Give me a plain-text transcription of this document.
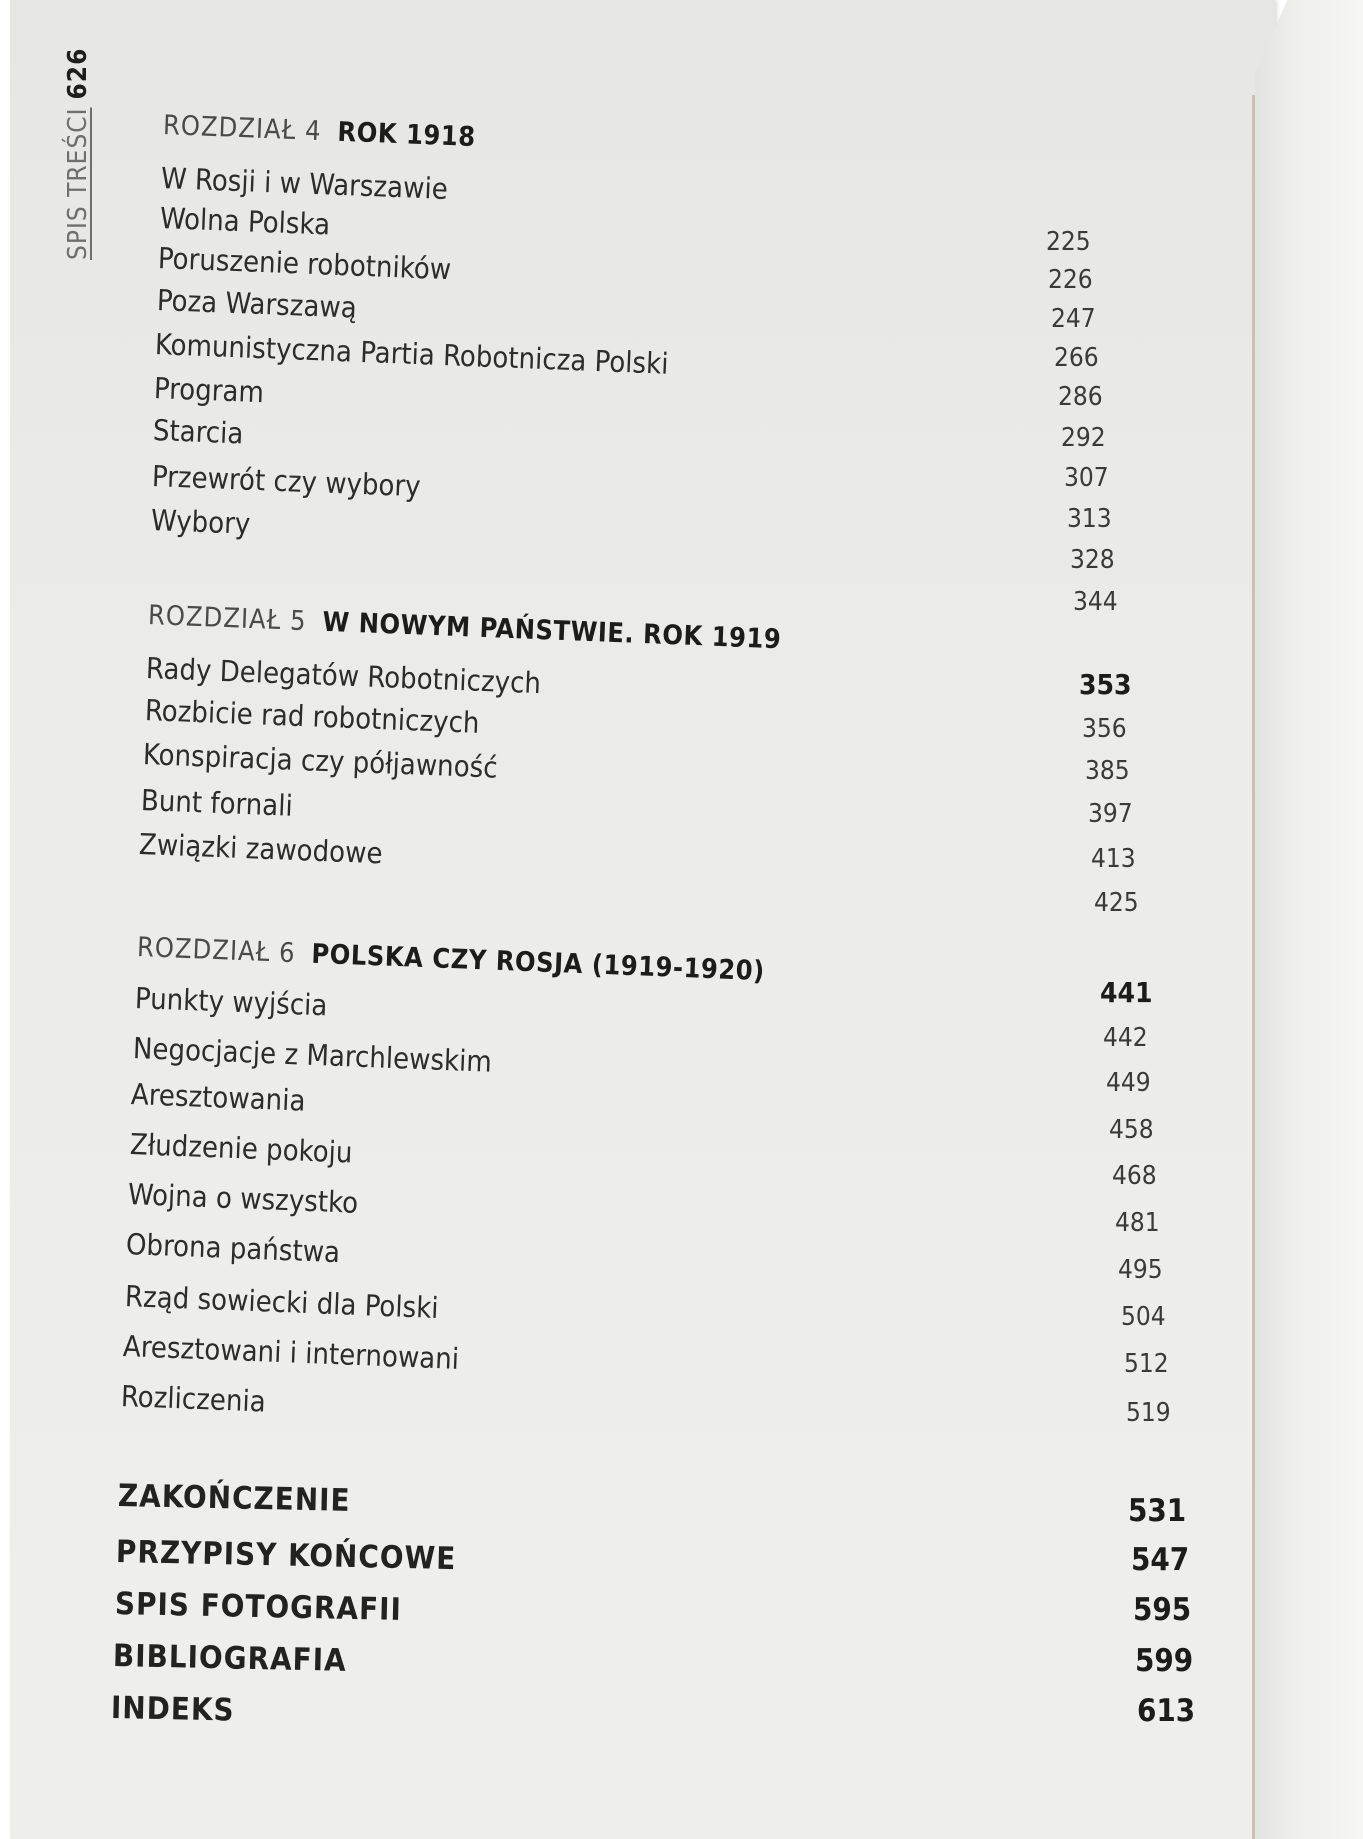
SPIS TREŚCI626
ROZDZIAŁ 4 ROK 1918
W Rosji i w Warszawie
Wolna Polska
Poruszenie robotników
Poza Warszawą
Komunistyczna Partia Robotnicza Polski
Program
Starcia
Przewrót czy wybory
Wybory
225
226
247
266
286
292
307
313
328
344
ROZDZIAŁ 5 W NOWYM PAŃSTWIE. ROK 1919
Rady Delegatów Robotniczych
Rozbicie rad robotniczych
Konspiracja czy półjawność
Bunt fornali
Związki zawodowe
353
356
385
397
413
425
ROZDZIAŁ 6 POLSKA CZY ROSJA (1919-1920)
Punkty wyjścia
Negocjacje z Marchlewskim
Aresztowania
Złudzenie pokoju
Wojna o wszystko
Obrona państwa
Rząd sowiecki dla Polski
Aresztowani i internowani
Rozliczenia
441
442
449
458
468
481
495
504
512
519
ZAKOŃCZENIE
PRZYPISY KOŃCOWE
SPIS FOTOGRAFII
BIBLIOGRAFIA
INDEKS
531
547
595
599
613
